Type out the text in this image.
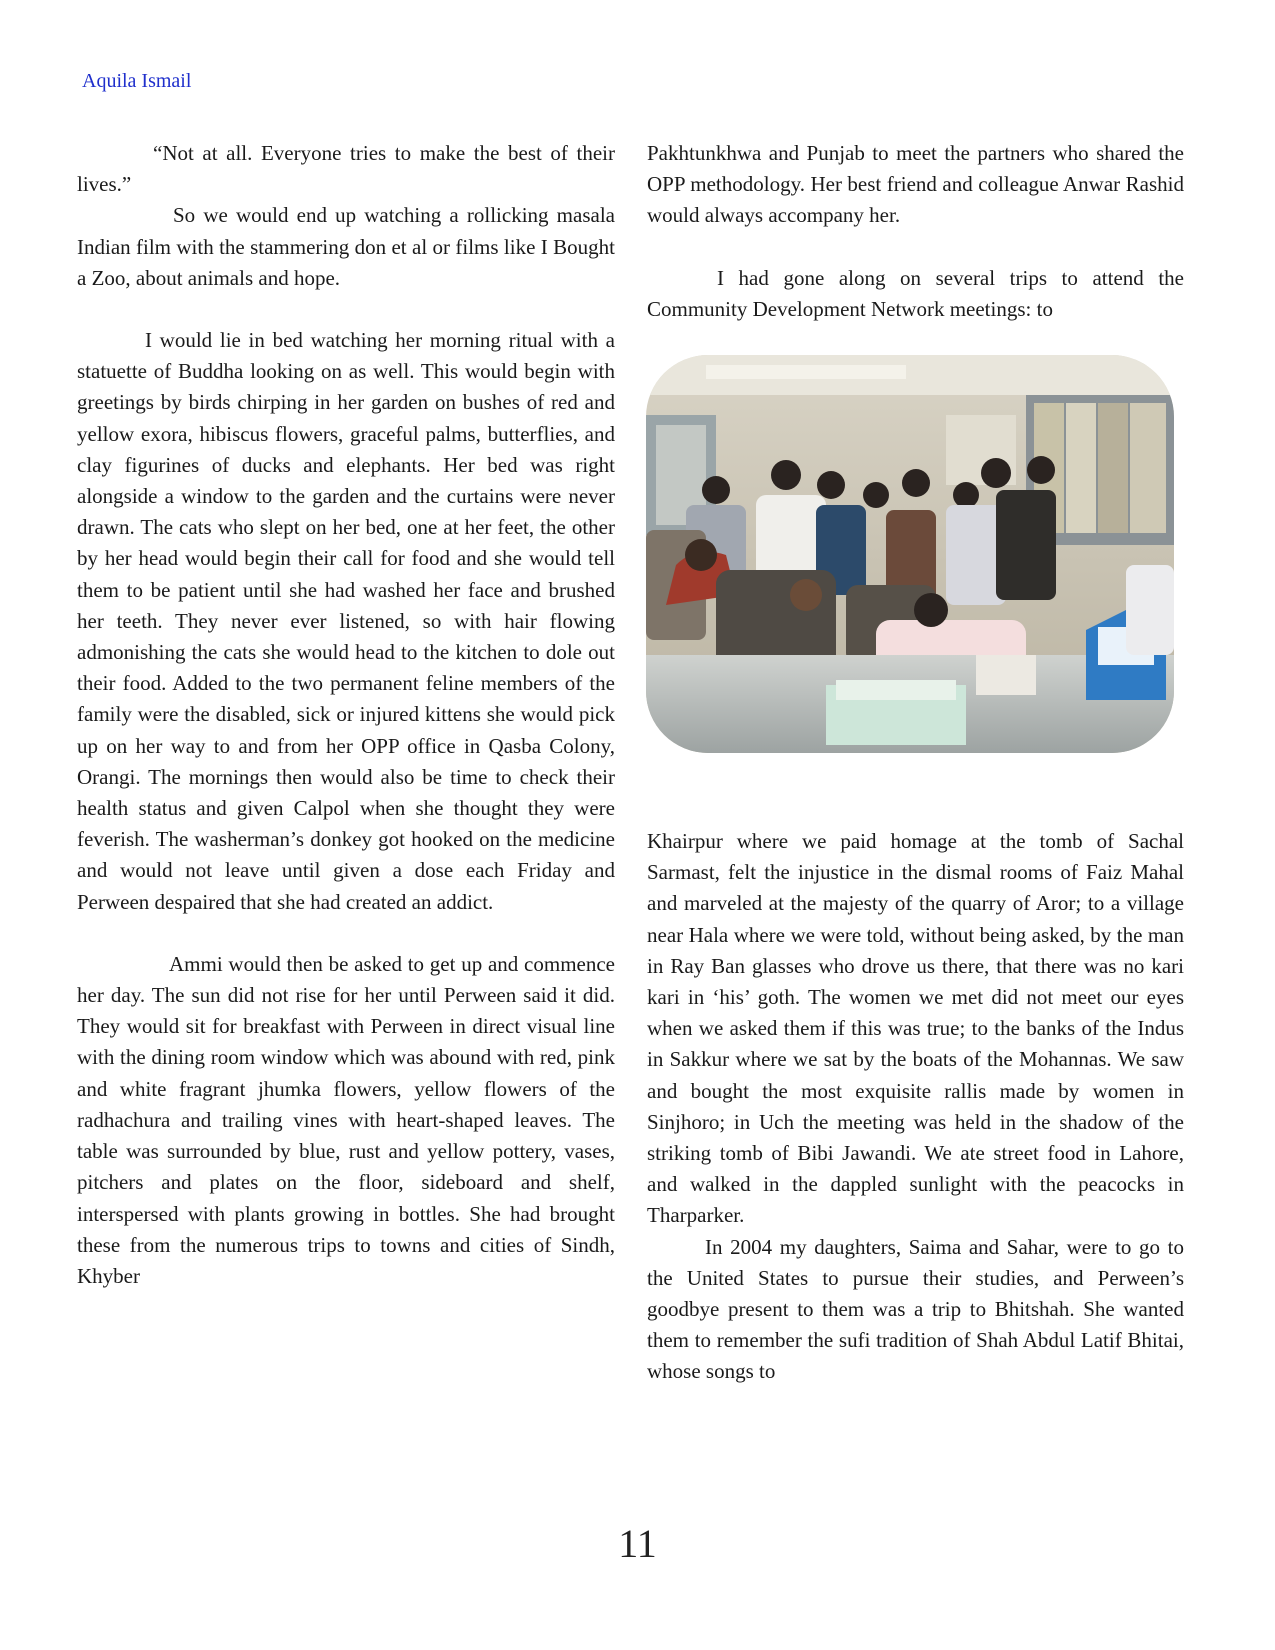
Aquila Ismail

“Not at all. Everyone tries to make the best of their lives.”

So we would end up watching a rollicking masala Indian film with the stammering don et al or films like I Bought a Zoo, about animals and hope.

I would lie in bed watching her morning ritual with a statuette of Buddha looking on as well. This would begin with greetings by birds chirping in her garden on bushes of red and yellow exora, hibiscus flowers, graceful palms, butterflies, and clay figurines of ducks and elephants. Her bed was right alongside a window to the garden and the curtains were never drawn. The cats who slept on her bed, one at her feet, the other by her head would begin their call for food and she would tell them to be patient until she had washed her face and brushed her teeth. They never ever listened, so with hair flowing admonishing the cats she would head to the kitchen to dole out their food. Added to the two permanent feline members of the family were the disabled, sick or injured kittens she would pick up on her way to and from her OPP office in Qasba Colony, Orangi. The mornings then would also be time to check their health status and given Calpol when she thought they were feverish. The washerman’s donkey got hooked on the medicine and would not leave until given a dose each Friday and Perween despaired that she had created an addict.

Ammi would then be asked to get up and commence her day. The sun did not rise for her until Perween said it did. They would sit for breakfast with Perween in direct visual line with the dining room window which was abound with red, pink and white fragrant jhumka flowers, yellow flowers of the radhachura and trailing vines with heart-shaped leaves. The table was surrounded by blue, rust and yellow pottery, vases, pitchers and plates on the floor, sideboard and shelf, interspersed with plants growing in bottles. She had brought these from the numerous trips to towns and cities of Sindh, Khyber

Pakhtunkhwa and Punjab to meet the partners who shared the OPP methodology. Her best friend and colleague Anwar Rashid would always accompany her.

I had gone along on several trips to attend the Community Development Network meetings: to

Khairpur where we paid homage at the tomb of Sachal Sarmast, felt the injustice in the dismal rooms of Faiz Mahal and marveled at the majesty of the quarry of Aror; to a village near Hala where we were told, without being asked, by the man in Ray Ban glasses who drove us there, that there was no kari kari in ‘his’ goth. The women we met did not meet our eyes when we asked them if this was true; to the banks of the Indus in Sakkur where we sat by the boats of the Mohannas. We saw and bought the most exquisite rallis made by women in Sinjhoro; in Uch the meeting was held in the shadow of the striking tomb of Bibi Jawandi. We ate street food in Lahore, and walked in the dappled sunlight with the peacocks in Tharparker.

In 2004 my daughters, Saima and Sahar, were to go to the United States to pursue their studies, and Perween’s goodbye present to them was a trip to Bhitshah. She wanted them to remember the sufi tradition of Shah Abdul Latif Bhitai, whose songs to

11
